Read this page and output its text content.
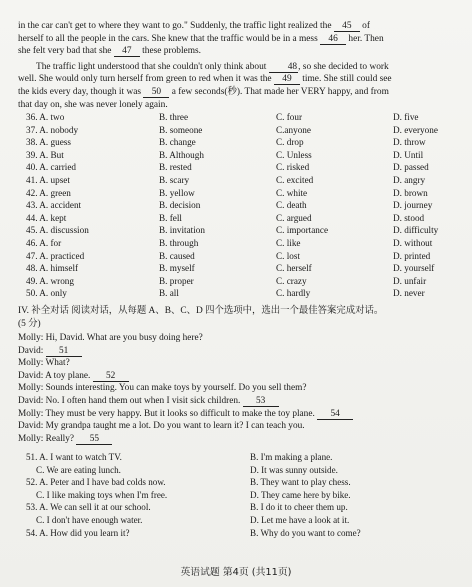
in the car can't get to where they want to go." Suddenly, the traffic light realized the 45 of
herself to all the people in the cars. She knew that the traffic would be in a mess 46 her. Then
she felt very bad that she 47 these problems.
The traffic light understood that she couldn't only think about 48, so she decided to work
well. She would only turn herself from green to red when it was the 49 time. She still could see
the kids every day, though it was 50 a few seconds(秒). That made her VERY happy, and from
that day on, she was never lonely again.
36. A. two	B. three	C. four	D. five
37. A. nobody	B. someone	C.anyone	D. everyone
38. A. guess	B. change	C. drop	D. throw
39. A. But	B. Although	C. Unless	D. Until
40. A. carried	B. rested	C. risked	D. passed
41. A. upset	B. scary	C. excited	D. angry
42. A. green	B. yellow	C. white	D. brown
43. A. accident	B. decision	C. death	D. journey
44. A. kept	B. fell	C. argued	D. stood
45. A. discussion	B. invitation	C. importance	D. difficulty
46. A. for	B. through	C. like	D. without
47. A. practiced	B. caused	C. lost	D. printed
48. A. himself	B. myself	C. herself	D. yourself
49. A. wrong	B. proper	C. crazy	D. unfair
50. A. only	B. all	C. hardly	D. never
IV. 补全对话 阅读对话，从每题 A、B、C、D 四个选项中，选出一个最佳答案完成对话。
(5 分)
Molly: Hi, David. What are you busy doing here?
David: 51
Molly: What?
David: A toy plane. 52
Molly: Sounds interesting. You can make toys by yourself. Do you sell them?
David: No. I often hand them out when I visit sick children. 53
Molly: They must be very happy. But it looks so difficult to make the toy plane. 54
David: My grandpa taught me a lot. Do you want to learn it? I can teach you.
Molly: Really? 55
51. A. I want to watch TV.	B. I'm making a plane.
C. We are eating lunch.	D. It was sunny outside.
52. A. Peter and I have bad colds now.	B. They want to play chess.
C. I like making toys when I'm free.	D. They came here by bike.
53. A. We can sell it at our school.	B. I do it to cheer them up.
C. I don't have enough water.	D. Let me have a look at it.
54. A. How did you learn it?	B. Why do you want to come?
英语试题 第4页 (共11页)
